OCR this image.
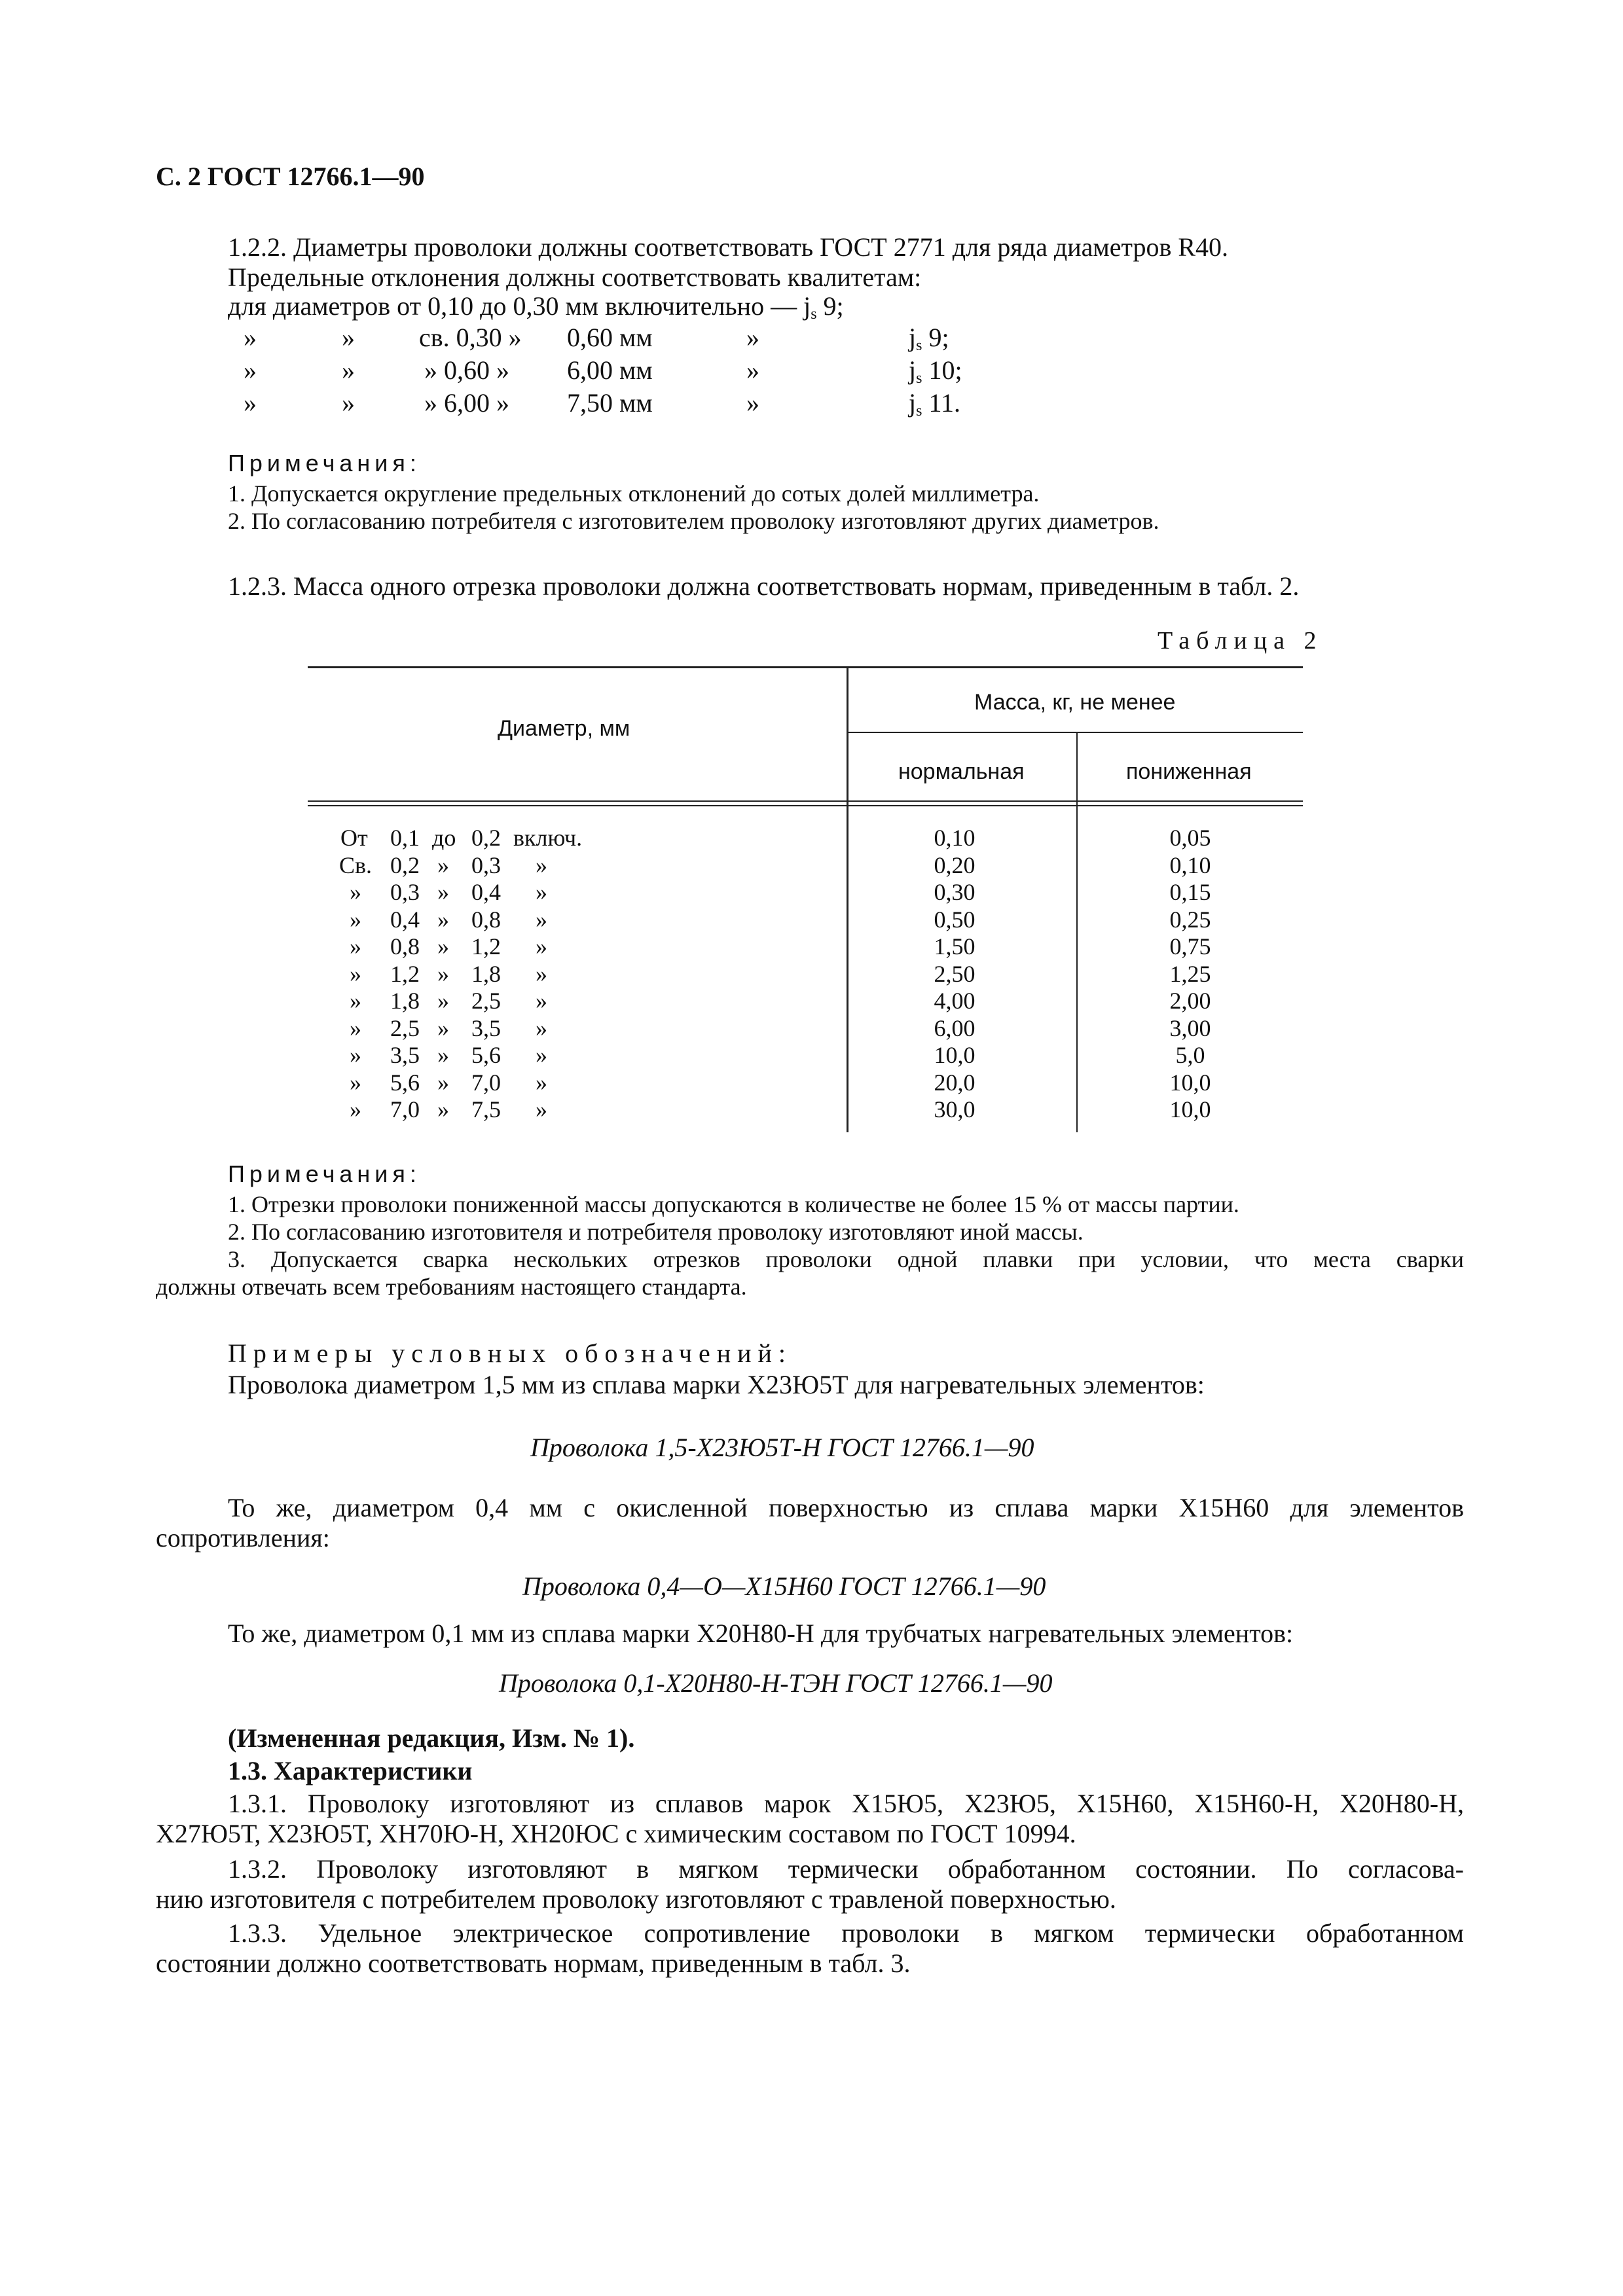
С. 2 ГОСТ 12766.1—90
1.2.2. Диаметры проволоки должны соответствовать ГОСТ 2771 для ряда диаметров R40.
Предельные отклонения должны соответствовать квалитетам:
для диаметров от 0,10 до 0,30 мм включительно — $j_s$ 9;
»	» св. 0,30 » 0,60 мм	»	$j_s$ 9;
»	»	» 0,60 » 6,00 мм	»	$j_s$ 10;
»	»	» 6,00 » 7,50 мм	»	$j_s$ 11.
Примечания:
1. Допускается округление предельных отклонений до сотых долей миллиметра.
2. По согласованию потребителя с изготовителем проволоку изготовляют других диаметров.
1.2.3. Масса одного отрезка проволоки должна соответствовать нормам, приведенным в табл. 2.
Таблица 2
Диаметр, мм
Масса, кг, не менее
нормальная	пониженная
От 0,1 до 0,2 включ.	0,10	0,05
Св. 0,2 » 0,3 »	0,20	0,10
» 0,3 » 0,4 »	0,30	0,15
» 0,4 » 0,8 »	0,50	0,25
» 0,8 » 1,2 »	1,50	0,75
» 1,2 » 1,8 »	2,50	1,25
» 1,8 » 2,5 »	4,00	2,00
» 2,5 » 3,5 »	6,00	3,00
» 3,5 » 5,6 »	10,0	5,0
» 5,6 » 7,0 »	20,0	10,0
» 7,0 » 7,5 »	30,0	10,0
Примечания:
1. Отрезки проволоки пониженной массы допускаются в количестве не более 15 % от массы партии.
2. По согласованию изготовителя и потребителя проволоку изготовляют иной массы.
3. Допускается сварка нескольких отрезков проволоки одной плавки при условии, что места сварки
должны отвечать всем требованиям настоящего стандарта.
Примеры условных обозначений:
Проволока диаметром 1,5 мм из сплава марки Х23Ю5Т для нагревательных элементов:
Проволока 1,5-Х23Ю5Т-Н ГОСТ 12766.1—90
То же, диаметром 0,4 мм с окисленной поверхностью из сплава марки Х15Н60 для элементов
сопротивления:
Проволока 0,4—О—Х15Н60 ГОСТ 12766.1—90
То же, диаметром 0,1 мм из сплава марки Х20Н80-Н для трубчатых нагревательных элементов:
Проволока 0,1-Х20Н80-Н-ТЭН ГОСТ 12766.1—90
(Измененная редакция, Изм. № 1).
1.3. Характеристики
1.3.1. Проволоку изготовляют из сплавов марок Х15Ю5, Х23Ю5, Х15Н60, Х15Н60-Н, Х20Н80-Н,
Х27Ю5Т, Х23Ю5Т, ХН70Ю-Н, ХН20ЮС с химическим составом по ГОСТ 10994.
1.3.2. Проволоку изготовляют в мягком термически обработанном состоянии. По согласова-
нию изготовителя с потребителем проволоку изготовляют с травленой поверхностью.
1.3.3. Удельное электрическое сопротивление проволоки в мягком термически обработанном
состоянии должно соответствовать нормам, приведенным в табл. 3.
